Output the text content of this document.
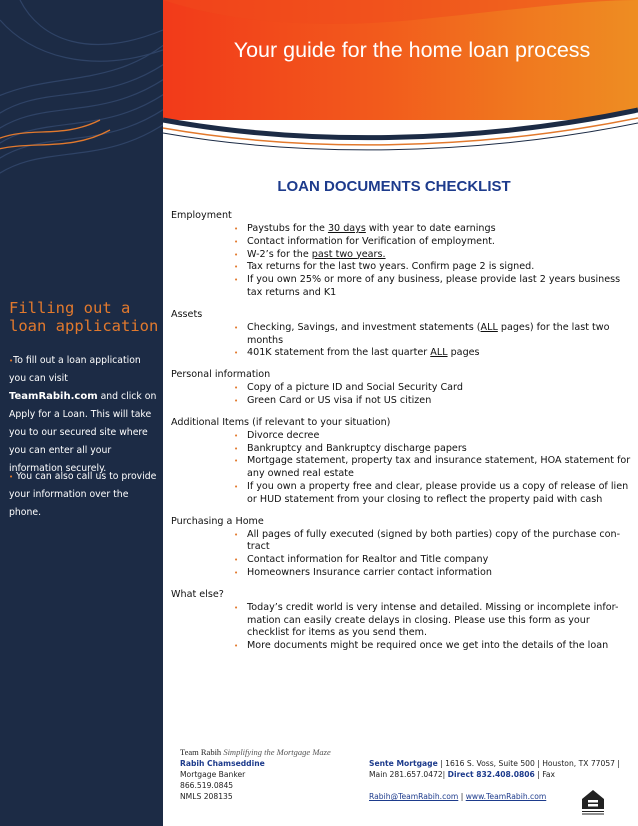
Filling out a loan application
•To fill out a loan application you can visit TeamRabih.com and click on Apply for a Loan. This will take you to our secured site where you can enter all your information securely.
• You can also call us to provide your information over the phone.
Your guide for the home loan process
LOAN DOCUMENTS CHECKLIST
Employment
• Paystubs for the 30 days with year to date earnings
• Contact information for Verification of employment.
• W-2’s for the past two years.
• Tax returns for the last two years. Confirm page 2 is signed.
• If you own 25% or more of any business, please provide last 2 years business tax returns and K1
Assets
• Checking, Savings, and investment statements (ALL pages) for the last two months
• 401K statement from the last quarter ALL pages
Personal information
• Copy of a picture ID and Social Security Card
• Green Card or US visa if not US citizen
Additional Items (if relevant to your situation)
• Divorce decree
• Bankruptcy and Bankruptcy discharge papers
• Mortgage statement, property tax and insurance statement, HOA statement for any owned real estate
• If you own a property free and clear, please provide us a copy of release of lien or HUD statement from your closing to reflect the property paid with cash
Purchasing a Home
• All pages of fully executed (signed by both parties) copy of the purchase con-tract
• Contact information for Realtor and Title company
• Homeowners Insurance carrier contact information
What else?
• Today’s credit world is very intense and detailed. Missing or incomplete infor-mation can easily create delays in closing. Please use this form as your checklist for items as you send them.
• More documents might be required once we get into the details of the loan
Team Rabih Simplifying the Mortgage Maze
Rabih Chamseddine
Mortgage Banker
866.519.0845
NMLS 208135
Sente Mortgage | 1616 S. Voss, Suite 500 | Houston, TX 77057 |
Main 281.657.0472| Direct 832.408.0806 | Fax
Rabih@TeamRabih.com | www.TeamRabih.com
